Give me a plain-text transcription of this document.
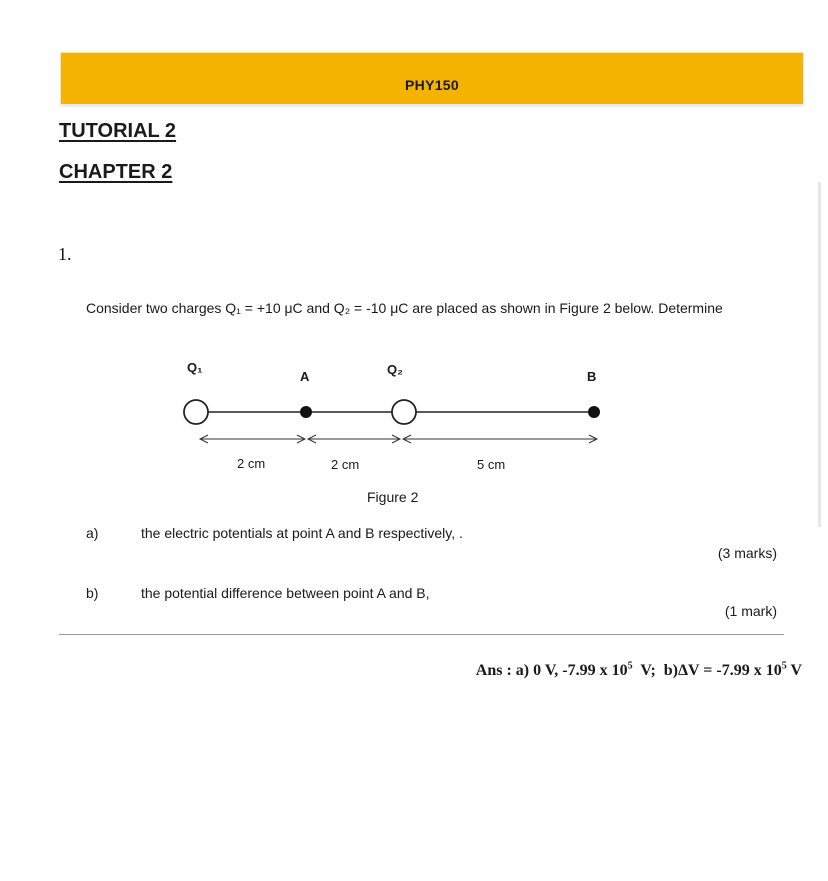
PHY150
TUTORIAL 2
CHAPTER 2
1.
Consider two charges Q₁ = +10 μC and Q₂ = -10 μC are placed as shown in Figure 2 below. Determine
Q₁
A	Q₂	B
2 cm	2 cm	5 cm
Figure 2
a)	the electric potentials at point A and B respectively, .
(3 marks)
b)	the potential difference between point A and B,
(1 mark)
Ans : a) 0 V, -7.99 x $10^5$  V;  b)ΔV = -7.99 x $10^5$ V
